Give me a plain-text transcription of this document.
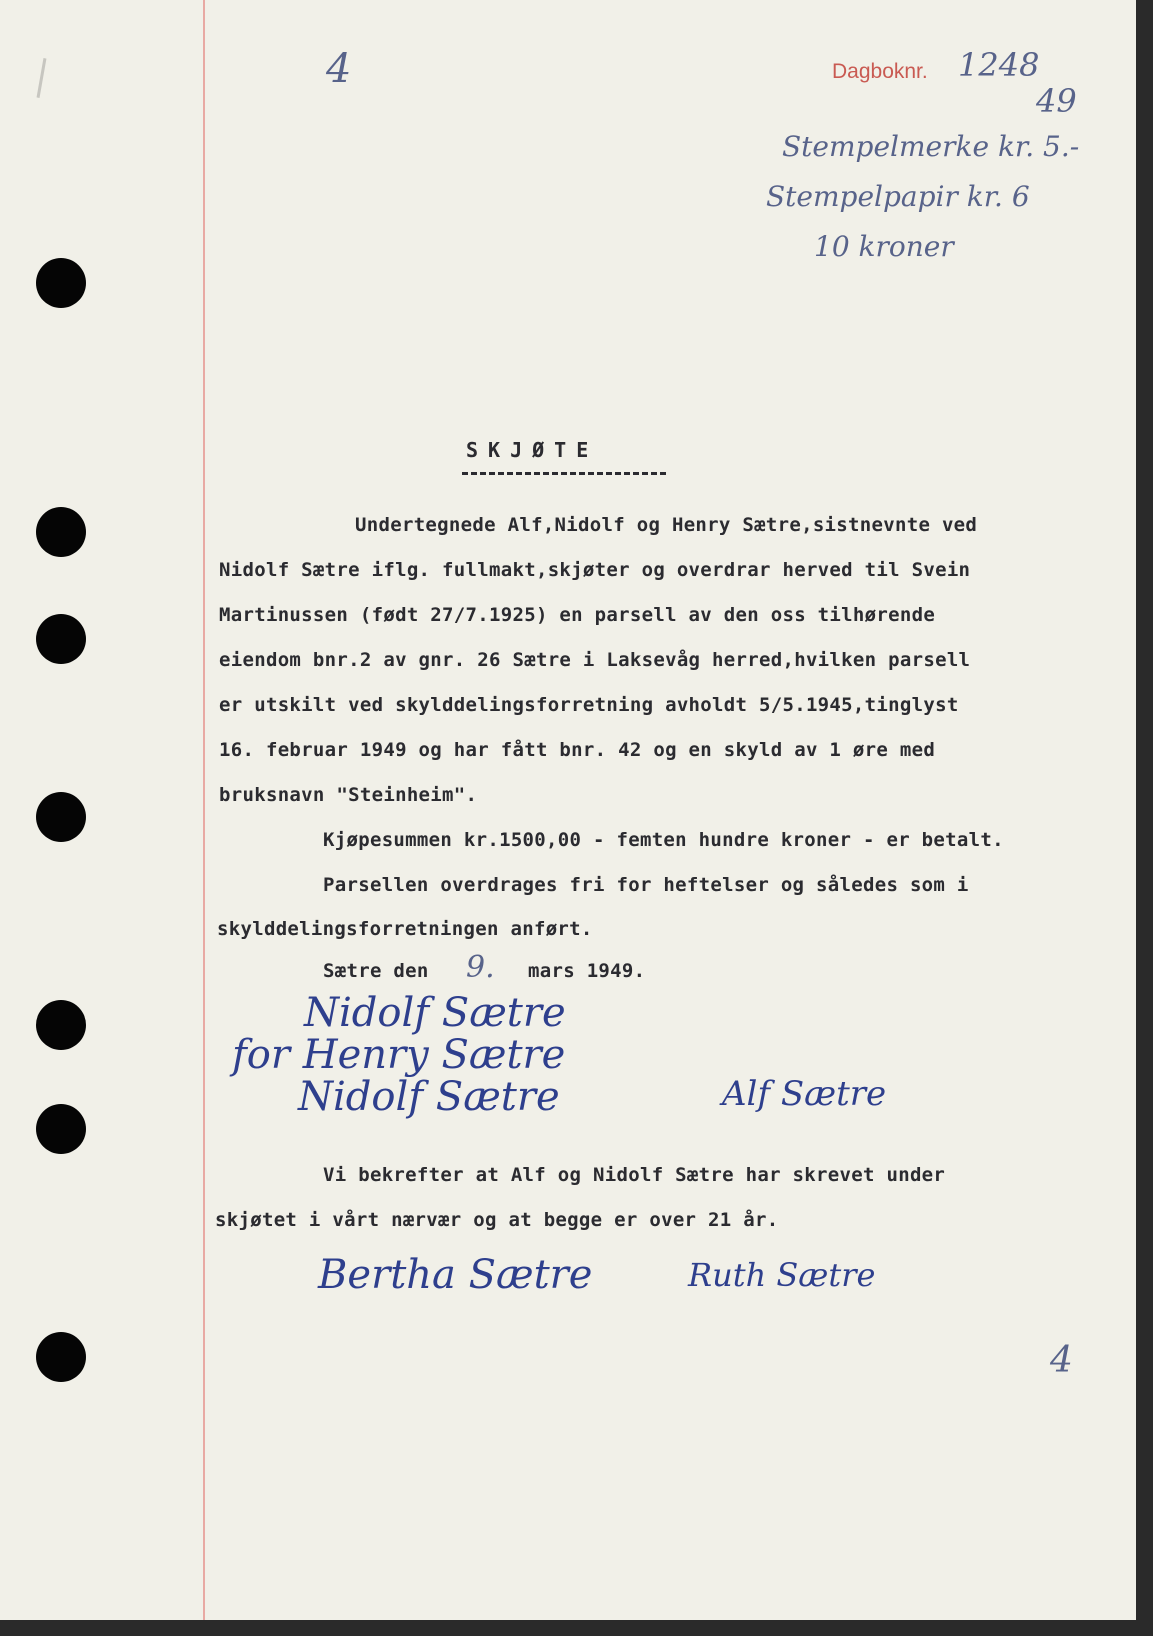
4	Dagboknr. 1248
49
Stempelmerke kr. 5.-
Stempelpapir kr. 6
10 kroner
SKJØTE
Undertegnede Alf,Nidolf og Henry Sætre,sistnevnte ved
Nidolf Sætre iflg. fullmakt,skjøter og overdrar herved til Svein
Martinussen (født 27/7.1925) en parsell av den oss tilhørende
eiendom bnr.2 av gnr. 26 Sætre i Laksevåg herred,hvilken parsell
er utskilt ved skylddelingsforretning avholdt 5/5.1945,tinglyst
16. februar 1949 og har fått bnr. 42 og en skyld av 1 øre med
bruksnavn "Steinheim".
Kjøpesummen kr.1500,00 - femten hundre kroner - er betalt.
Parsellen overdrages fri for heftelser og således som i
skylddelingsforretningen anført.
Sætre den 9. mars 1949.
Nidolf Sætre
for Henry Sætre
Nidolf Sætre	Alf Sætre
Vi bekrefter at Alf og Nidolf Sætre har skrevet under
skjøtet i vårt nærvær og at begge er over 21 år.
Bertha Sætre	Ruth Sætre
4
